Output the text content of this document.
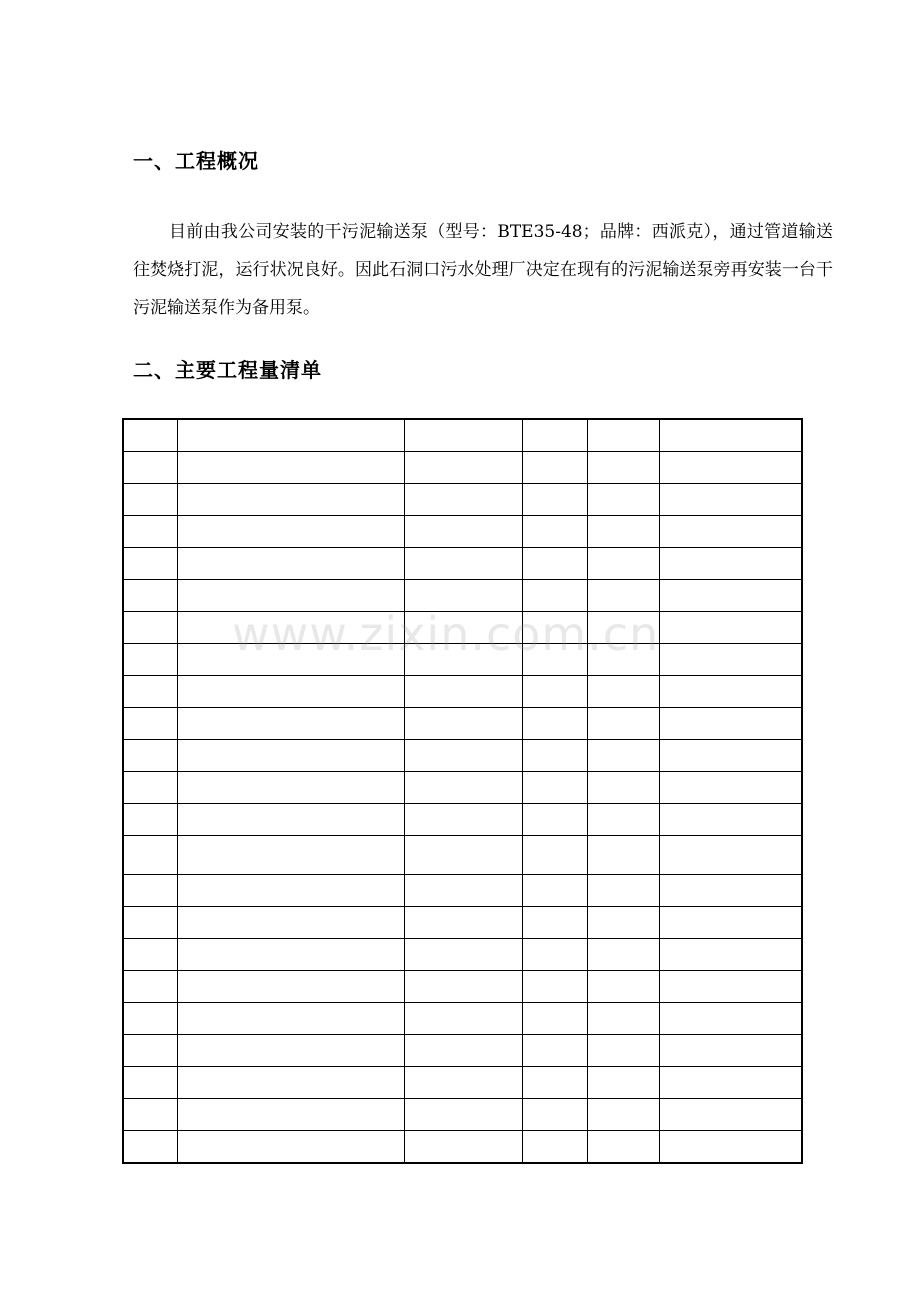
一、工程概况

目前由我公司安装的干污泥输送泵（型号：BTE35-48；品牌：西派克），通过管道输送往焚烧打泥，运行状况良好。因此石洞口污水处理厂决定在现有的污泥输送泵旁再安装一台干污泥输送泵作为备用泵。

二、主要工程量清单

www.zixin.com.cn
